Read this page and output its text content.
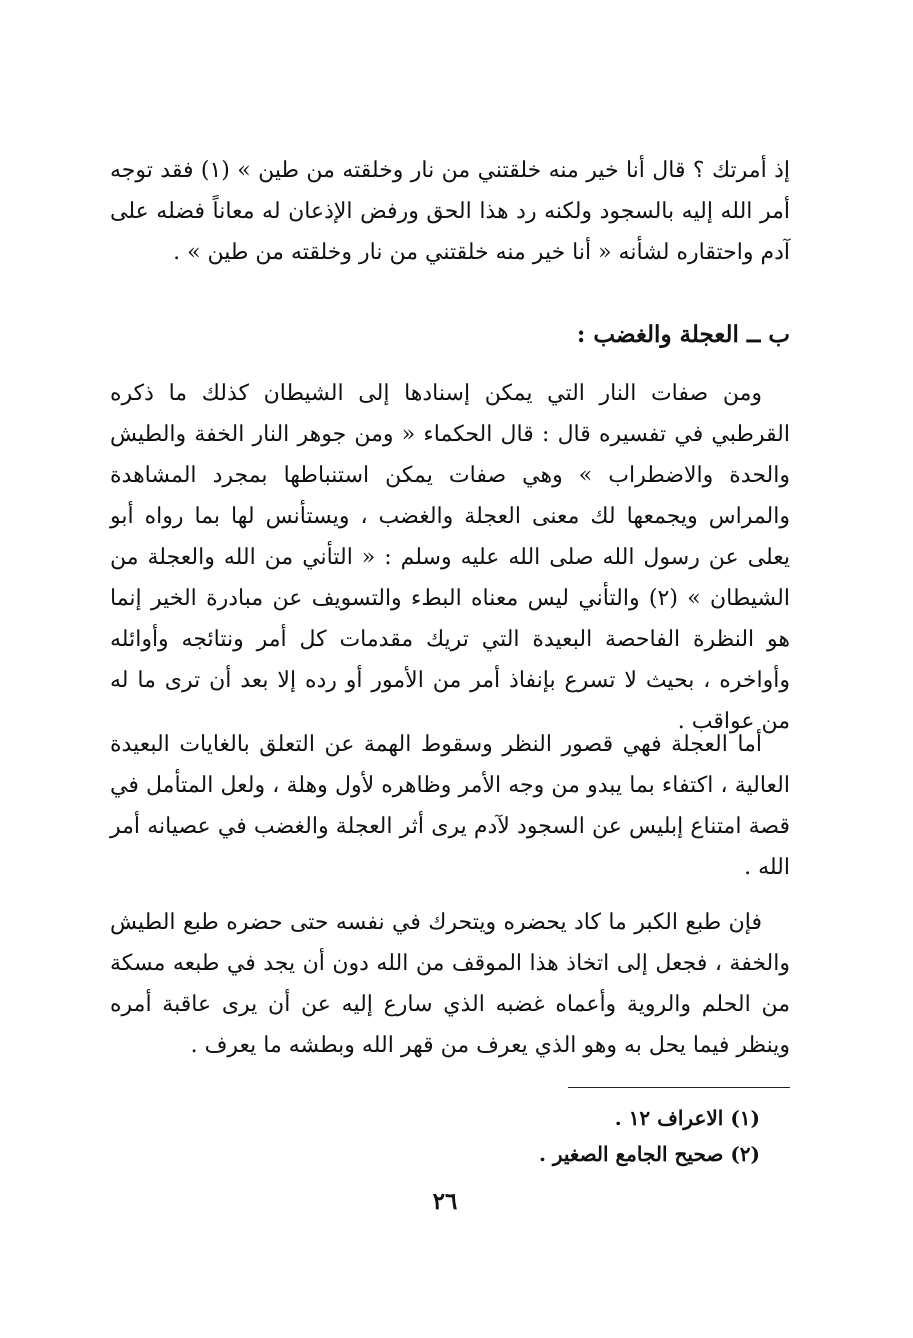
إذ أمرتك ؟ قال أنا خير منه خلقتني من نار وخلقته من طين » (١) فقد توجه أمر الله إليه بالسجود ولكنه رد هذا الحق ورفض الإذعان له معاناً فضله على آدم واحتقاره لشأنه « أنا خير منه خلقتني من نار وخلقته من طين » .

ب ــ العجلة والغضب :

ومن صفات النار التي يمكن إسنادها إلى الشيطان كذلك ما ذكره القرطبي في تفسيره قال : قال الحكماء « ومن جوهر النار الخفة والطيش والحدة والاضطراب » وهي صفات يمكن استنباطها بمجرد المشاهدة والمراس ويجمعها لك معنى العجلة والغضب ، ويستأنس لها بما رواه أبو يعلى عن رسول الله صلى الله عليه وسلم : « التأني من الله والعجلة من الشيطان » (٢) والتأني ليس معناه البطء والتسويف عن مبادرة الخير إنما هو النظرة الفاحصة البعيدة التي تريك مقدمات كل أمر ونتائجه وأوائله وأواخره ، بحيث لا تسرع بإنفاذ أمر من الأمور أو رده إلا بعد أن ترى ما له من عواقب .

أما العجلة فهي قصور النظر وسقوط الهمة عن التعلق بالغايات البعيدة العالية ، اكتفاء بما يبدو من وجه الأمر وظاهره لأول وهلة ، ولعل المتأمل في قصة امتناع إبليس عن السجود لآدم يرى أثر العجلة والغضب في عصيانه أمر الله .

فإن طبع الكبر ما كاد يحضره ويتحرك في نفسه حتى حضره طبع الطيش والخفة ، فجعل إلى اتخاذ هذا الموقف من الله دون أن يجد في طبعه مسكة من الحلم والروية وأعماه غضبه الذي سارع إليه عن أن يرى عاقبة أمره وينظر فيما يحل به وهو الذي يعرف من قهر الله وبطشه ما يعرف .

(١) الاعراف ١٢ .
(٢) صحيح الجامع الصغير .
٢٦
